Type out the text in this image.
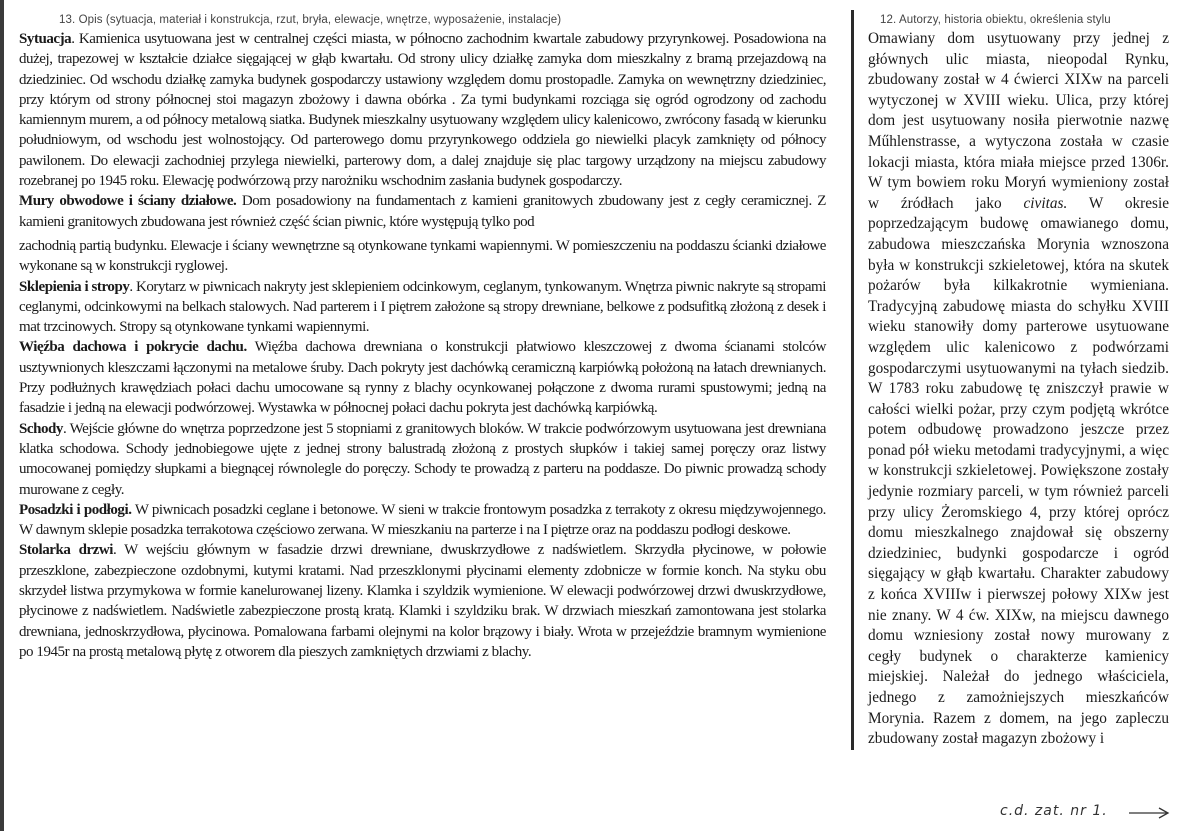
13. Opis (sytuacja, materiał i konstrukcja, rzut, bryła, elewacje, wnętrze, wyposażenie, instalacje)

Sytuacja. Kamienica usytuowana jest w centralnej części miasta, w północno zachodnim kwartale zabudowy przyrynkowej. Posadowiona na dużej, trapezowej w kształcie działce sięgającej w głąb kwartału. Od strony ulicy działkę zamyka dom mieszkalny z bramą przejazdową na dziedziniec. Od wschodu działkę zamyka budynek gospodarczy ustawiony względem domu prostopadle. Zamyka on wewnętrzny dziedziniec, przy którym od strony północnej stoi magazyn zbożowy i dawna obórka . Za tymi budynkami rozciąga się ogród ogrodzony od zachodu kamiennym murem, a od północy metalową siatka. Budynek mieszkalny usytuowany względem ulicy kalenicowo, zwrócony fasadą w kierunku południowym, od wschodu jest wolnostojący. Od parterowego domu przyrynkowego oddziela go niewielki placyk zamknięty od północy pawilonem. Do elewacji zachodniej przylega niewielki, parterowy dom, a dalej znajduje się plac targowy urządzony na miejscu zabudowy rozebranej po 1945 roku. Elewację podwórzową przy narożniku wschodnim zasłania budynek gospodarczy.

Mury obwodowe i ściany działowe. Dom posadowiony na fundamentach z kamieni granitowych zbudowany jest z cegły ceramicznej. Z kamieni granitowych zbudowana jest również część ścian piwnic, które występują tylko pod

zachodnią partią budynku. Elewacje i ściany wewnętrzne są otynkowane tynkami wapiennymi. W pomieszczeniu na poddaszu ścianki działowe wykonane są w konstrukcji ryglowej.

Sklepienia i stropy. Korytarz w piwnicach nakryty jest sklepieniem odcinkowym, ceglanym, tynkowanym. Wnętrza piwnic nakryte są stropami ceglanymi, odcinkowymi na belkach stalowych. Nad parterem i I piętrem założone są stropy drewniane, belkowe z podsufitką złożoną z desek i mat trzcinowych. Stropy są otynkowane tynkami wapiennymi.

Więźba dachowa i pokrycie dachu. Więźba dachowa drewniana o konstrukcji płatwiowo kleszczowej z dwoma ścianami stolców usztywnionych kleszczami łączonymi na metalowe śruby. Dach pokryty jest dachówką ceramiczną karpiówką położoną na łatach drewnianych. Przy podłużnych krawędziach połaci dachu umocowane są rynny z blachy ocynkowanej połączone z dwoma rurami spustowymi; jedną na fasadzie i jedną na elewacji podwórzowej. Wystawka w północnej połaci dachu pokryta jest dachówką karpiówką.

Schody. Wejście główne do wnętrza poprzedzone jest 5 stopniami z granitowych bloków. W trakcie podwórzowym usytuowana jest drewniana klatka schodowa. Schody jednobiegowe ujęte z jednej strony balustradą złożoną z prostych słupków i takiej samej poręczy oraz listwy umocowanej pomiędzy słupkami a biegnącej równolegle do poręczy. Schody te prowadzą z parteru na poddasze. Do piwnic prowadzą schody murowane z cegły.

Posadzki i podłogi. W piwnicach posadzki ceglane i betonowe. W sieni w trakcie frontowym posadzka z terrakoty z okresu międzywojennego. W dawnym sklepie posadzka terrakotowa częściowo zerwana. W mieszkaniu na parterze i na I piętrze oraz na poddaszu podłogi deskowe.

Stolarka drzwi. W wejściu głównym w fasadzie drzwi drewniane, dwuskrzydłowe z nadświetlem. Skrzydła płycinowe, w połowie przeszklone, zabezpieczone ozdobnymi, kutymi kratami. Nad przeszklonymi płycinami elementy zdobnicze w formie konch. Na styku obu skrzydeł listwa przymykowa w formie kanelurowanej lizeny. Klamka i szyldzik wymienione. W elewacji podwórzowej drzwi dwuskrzydłowe, płycinowe z nadświetlem. Nadświetle zabezpieczone prostą kratą. Klamki i szyldziku brak. W drzwiach mieszkań zamontowana jest stolarka drewniana, jednoskrzydłowa, płycinowa. Pomalowana farbami olejnymi na kolor brązowy i biały. Wrota w przejeździe bramnym wymienione po 1945r na prostą metalową płytę z otworem dla pieszych zamkniętych drzwiami z blachy.

12. Autorzy, historia obiektu, określenia stylu

Omawiany dom usytuowany przy jednej z głównych ulic miasta, nieopodal Rynku, zbudowany został w 4 ćwierci XIXw na parceli wytyczonej w XVIII wieku. Ulica, przy której dom jest usytuowany nosiła pierwotnie nazwę Műhlenstrasse, a wytyczona została w czasie lokacji miasta, która miała miejsce przed 1306r. W tym bowiem roku Moryń wymieniony został w źródłach jako civitas. W okresie poprzedzającym budowę omawianego domu, zabudowa mieszczańska Morynia wznoszona była w konstrukcji szkieletowej, która na skutek pożarów była kilkakrotnie wymieniana. Tradycyjną zabudowę miasta do schyłku XVIII wieku stanowiły domy parterowe usytuowane względem ulic kalenicowo z podwórzami gospodarczymi usytuowanymi na tyłach siedzib. W 1783 roku zabudowę tę zniszczył prawie w całości wielki pożar, przy czym podjętą wkrótce potem odbudowę prowadzono jeszcze przez ponad pół wieku metodami tradycyjnymi, a więc w konstrukcji szkieletowej. Powiększone zostały jedynie rozmiary parceli, w tym również parceli przy ulicy Żeromskiego 4, przy której oprócz domu mieszkalnego znajdował się obszerny dziedziniec, budynki gospodarcze i ogród sięgający w głąb kwartału. Charakter zabudowy z końca XVIIIw i pierwszej połowy XIXw jest nie znany. W 4 ćw. XIXw, na miejscu dawnego domu wzniesiony został nowy murowany z cegły budynek o charakterze kamienicy miejskiej. Należał do jednego właściciela, jednego z zamożniejszych mieszkańców Morynia. Razem z domem, na jego zapleczu zbudowany został magazyn zbożowy i

c.d. zat. nr 1.
